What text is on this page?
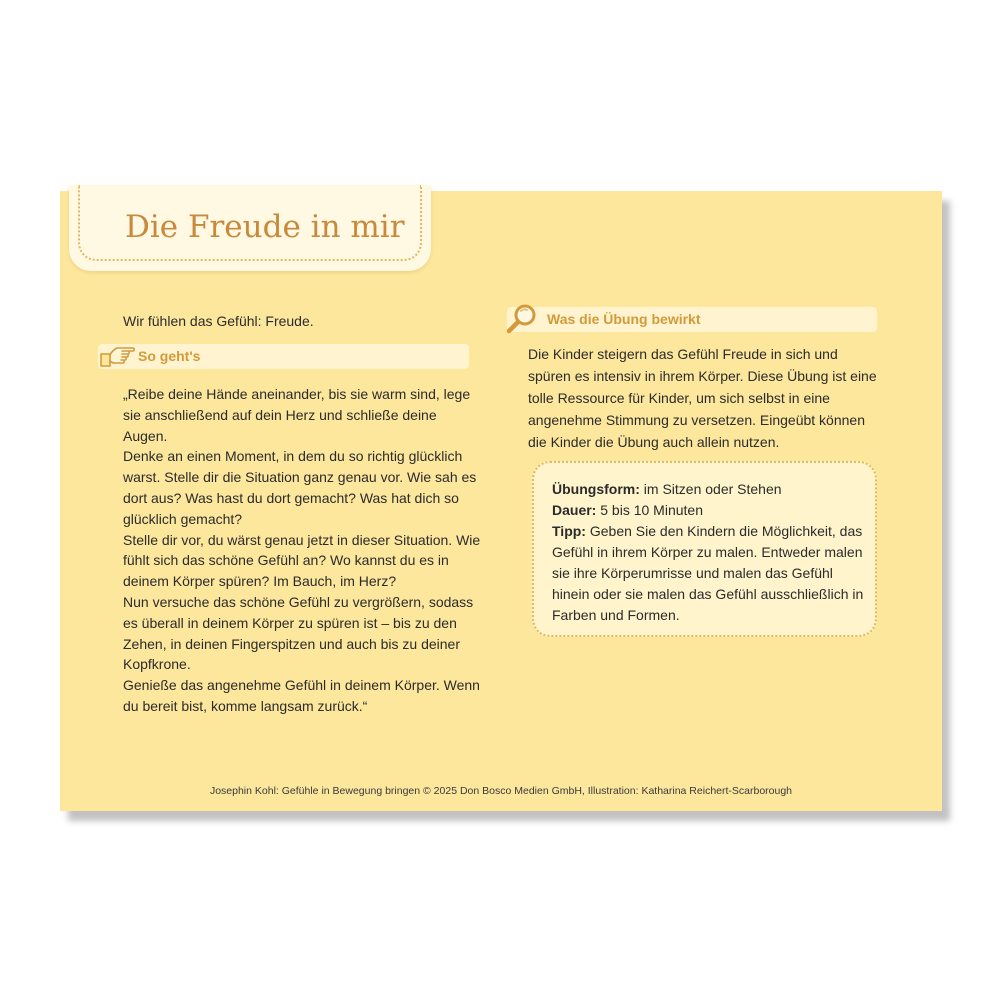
Die Freude in mir
Wir fühlen das Gefühl: Freude.
So geht's

„Reibe deine Hände aneinander, bis sie warm sind, lege sie anschließend auf dein Herz und schließe deine Augen.

Denke an einen Moment, in dem du so richtig glücklich warst. Stelle dir die Situation ganz genau vor. Wie sah es dort aus? Was hast du dort gemacht? Was hat dich so glücklich gemacht?

Stelle dir vor, du wärst genau jetzt in dieser Situation. Wie fühlt sich das schöne Gefühl an? Wo kannst du es in deinem Körper spüren? Im Bauch, im Herz?

Nun versuche das schöne Gefühl zu vergrößern, sodass es überall in deinem Körper zu spüren ist – bis zu den Zehen, in deinen Fingerspitzen und auch bis zu deiner Kopfkrone.

Genieße das angenehme Gefühl in deinem Körper. Wenn du bereit bist, komme langsam zurück.“

Was die Übung bewirkt

Die Kinder steigern das Gefühl Freude in sich und spüren es intensiv in ihrem Körper. Diese Übung ist eine tolle Ressource für Kinder, um sich selbst in eine angenehme Stimmung zu versetzen. Eingeübt können die Kinder die Übung auch allein nutzen.

Übungsform: im Sitzen oder Stehen

Dauer: 5 bis 10 Minuten

Tipp: Geben Sie den Kindern die Möglichkeit, das Gefühl in ihrem Körper zu malen. Entweder malen sie ihre Körperumrisse und malen das Gefühl hinein oder sie malen das Gefühl ausschließlich in Farben und Formen.

Josephin Kohl: Gefühle in Bewegung bringen © 2025 Don Bosco Medien GmbH, Illustration: Katharina Reichert-Scarborough
